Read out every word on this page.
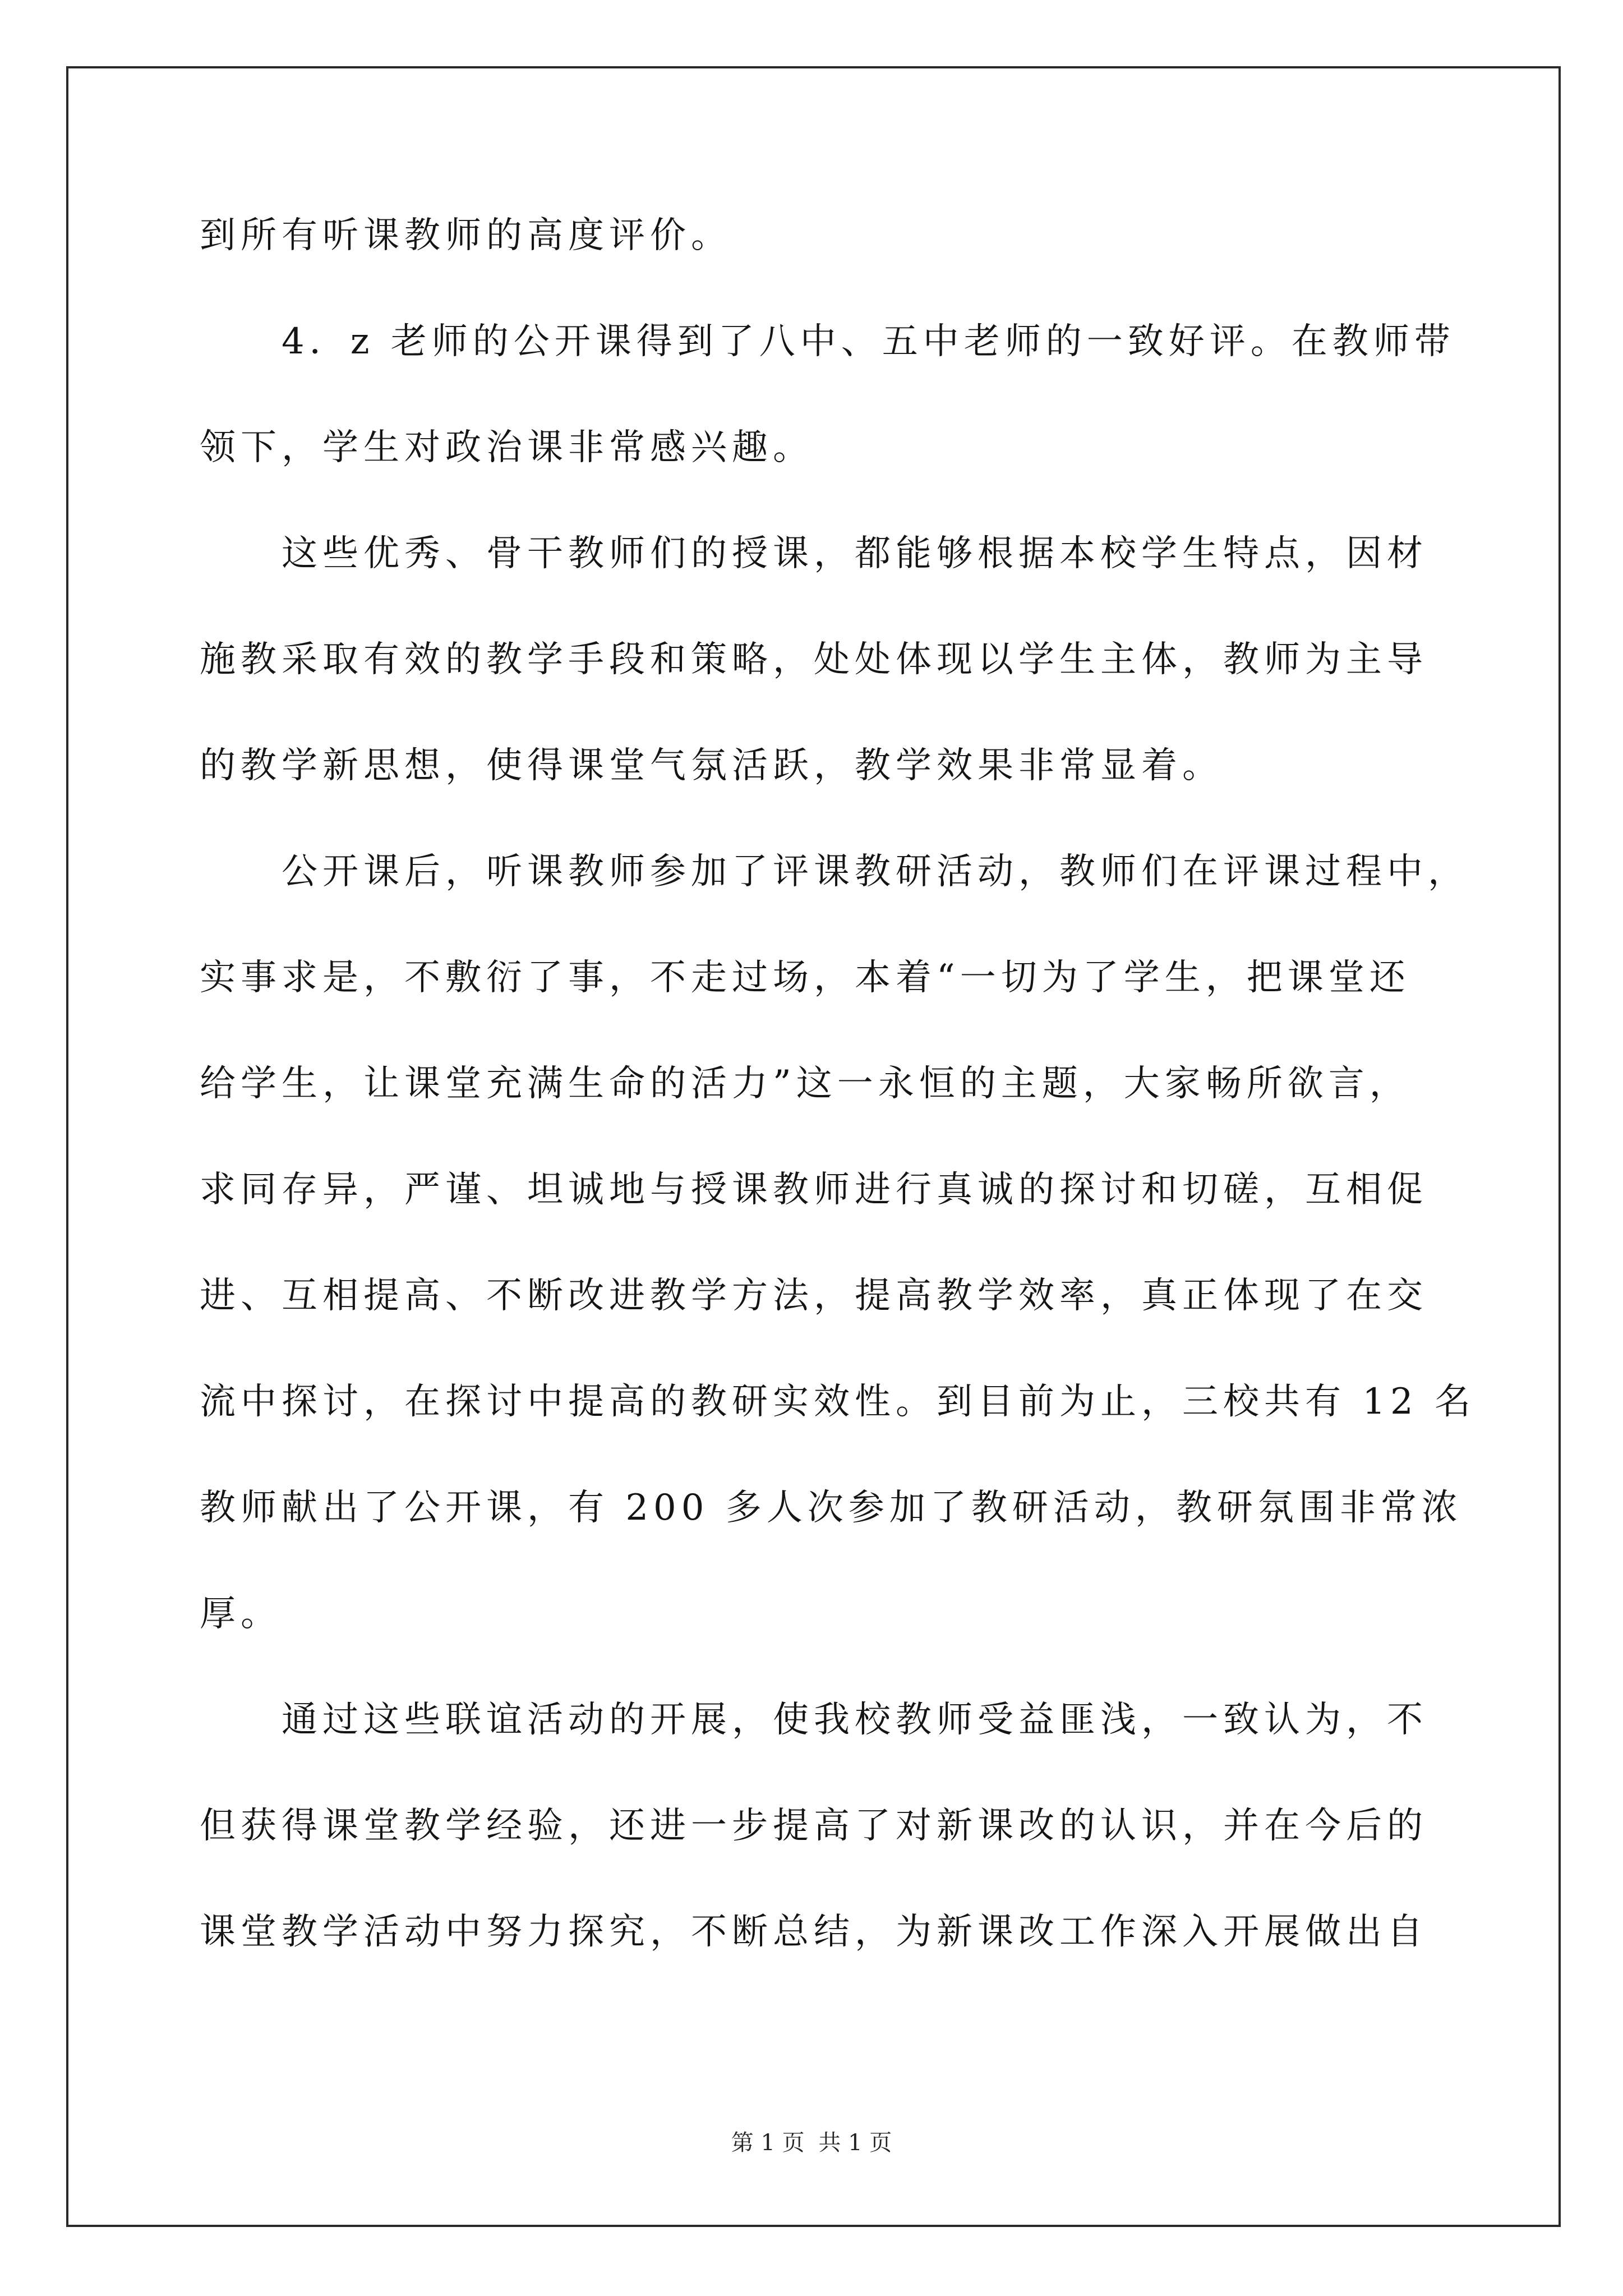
到所有听课教师的高度评价。
　　4．z 老师的公开课得到了八中、五中老师的一致好评。在教师带
领下，学生对政治课非常感兴趣。
　　这些优秀、骨干教师们的授课，都能够根据本校学生特点，因材
施教采取有效的教学手段和策略，处处体现以学生主体，教师为主导
的教学新思想，使得课堂气氛活跃，教学效果非常显着。
　　公开课后，听课教师参加了评课教研活动，教师们在评课过程中，
实事求是，不敷衍了事，不走过场，本着“一切为了学生，把课堂还
给学生，让课堂充满生命的活力”这一永恒的主题，大家畅所欲言，
求同存异，严谨、坦诚地与授课教师进行真诚的探讨和切磋，互相促
进、互相提高、不断改进教学方法，提高教学效率，真正体现了在交
流中探讨，在探讨中提高的教研实效性。到目前为止，三校共有 12 名
教师献出了公开课，有 200 多人次参加了教研活动，教研氛围非常浓
厚。
　　通过这些联谊活动的开展，使我校教师受益匪浅，一致认为，不
但获得课堂教学经验，还进一步提高了对新课改的认识，并在今后的
课堂教学活动中努力探究，不断总结，为新课改工作深入开展做出自
第 1 页 共 1 页
